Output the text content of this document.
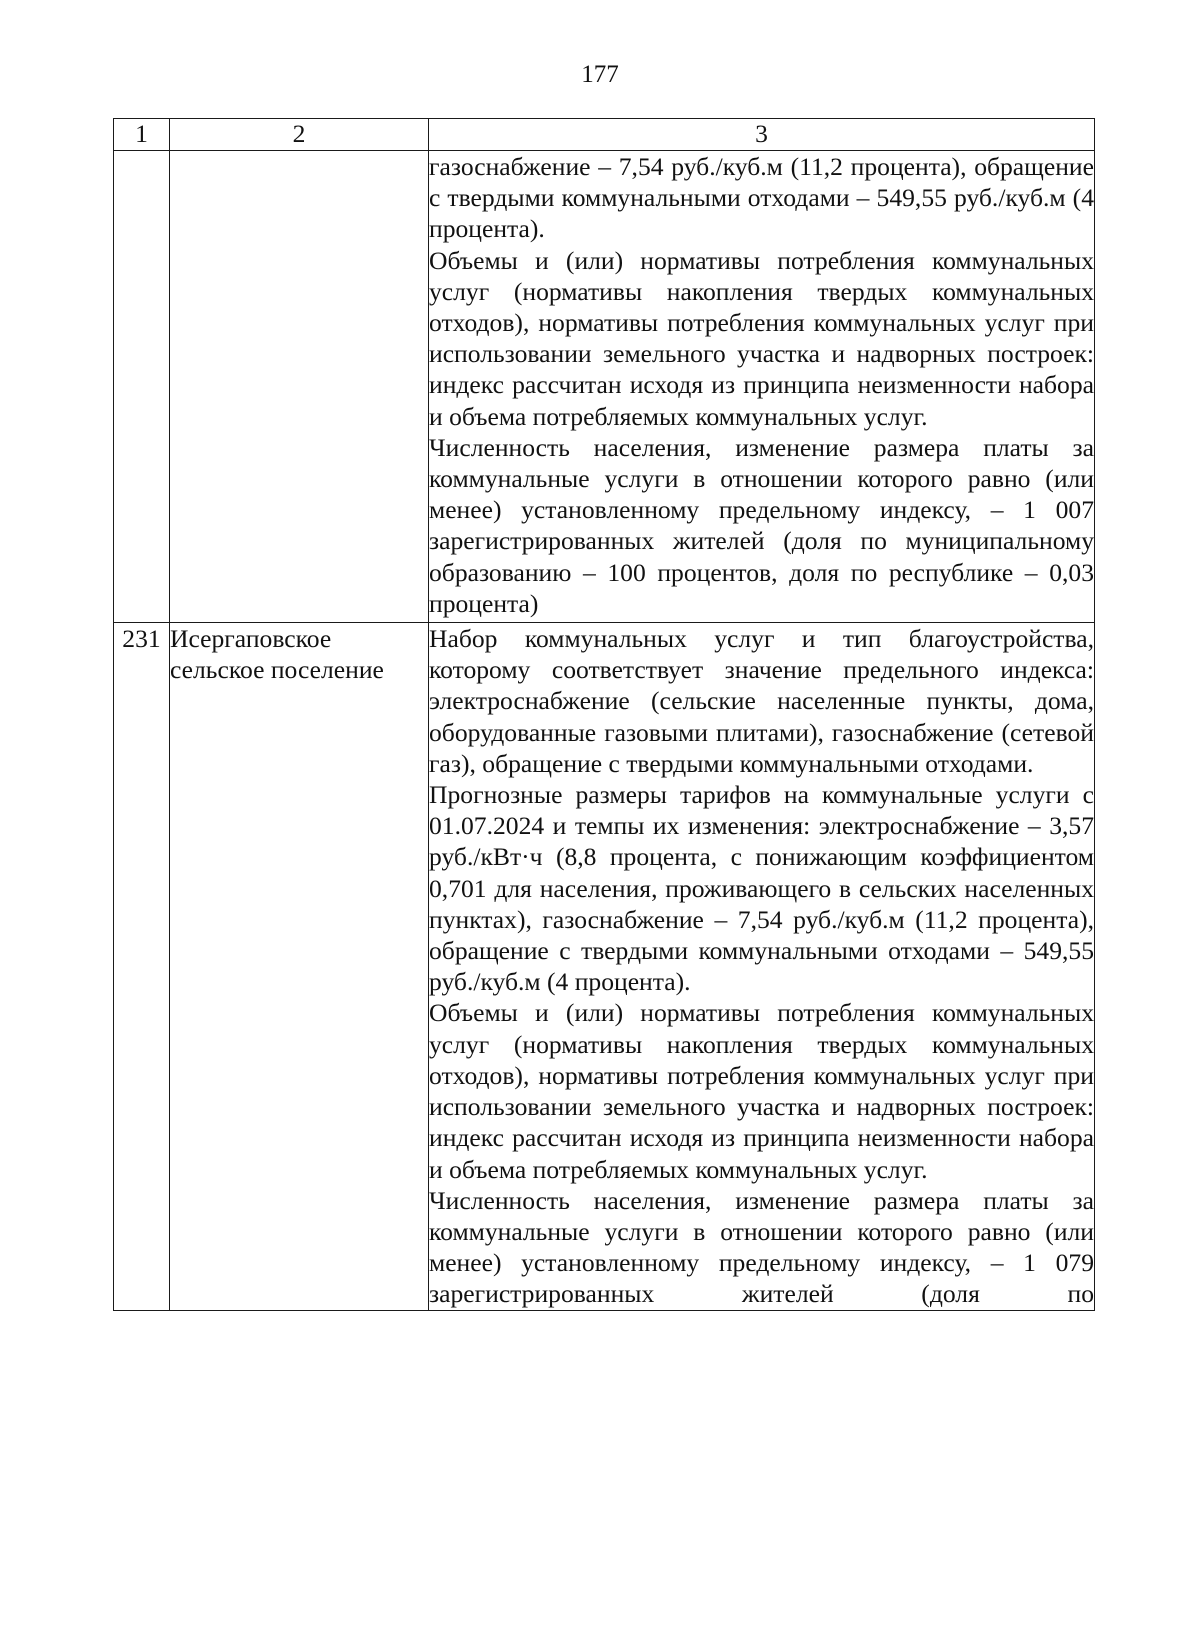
177
1	2	3

		газоснабжение – 7,54 руб./куб.м (11,2 процента), обращение с твердыми коммунальными отходами – 549,55 руб./куб.м (4 процента).

Объемы и (или) нормативы потребления коммунальных услуг (нормативы накопления твердых коммунальных отходов), нормативы потребления коммунальных услуг при использовании земельного участка и надворных построек: индекс рассчитан исходя из принципа неизменности набора и объема потребляемых коммунальных услуг.

Численность населения, изменение размера платы за коммунальные услуги в отношении которого равно (или менее) установленному предельному индексу, – 1 007 зарегистрированных жителей (доля по муниципальному образованию – 100 процентов, доля по республике – 0,03 процента)

231	Исергаповское сельское поселение	Набор коммунальных услуг и тип благоустройства, которому соответствует значение предельного индекса: электроснабжение (сельские населенные пункты, дома, оборудованные газовыми плитами), газоснабжение (сетевой газ), обращение с твердыми коммунальными отходами.

Прогнозные размеры тарифов на коммунальные услуги с 01.07.2024 и темпы их изменения: электроснабжение – 3,57 руб./кВт·ч (8,8 процента, с понижающим коэффициентом 0,701 для населения, проживающего в сельских населенных пунктах), газоснабжение – 7,54 руб./куб.м (11,2 процента), обращение с твердыми коммунальными отходами – 549,55 руб./куб.м (4 процента).

Объемы и (или) нормативы потребления коммунальных услуг (нормативы накопления твердых коммунальных отходов), нормативы потребления коммунальных услуг при использовании земельного участка и надворных построек: индекс рассчитан исходя из принципа неизменности набора и объема потребляемых коммунальных услуг.

Численность населения, изменение размера платы за коммунальные услуги в отношении которого равно (или менее) установленному предельному индексу, – 1 079 зарегистрированных жителей (доля по
